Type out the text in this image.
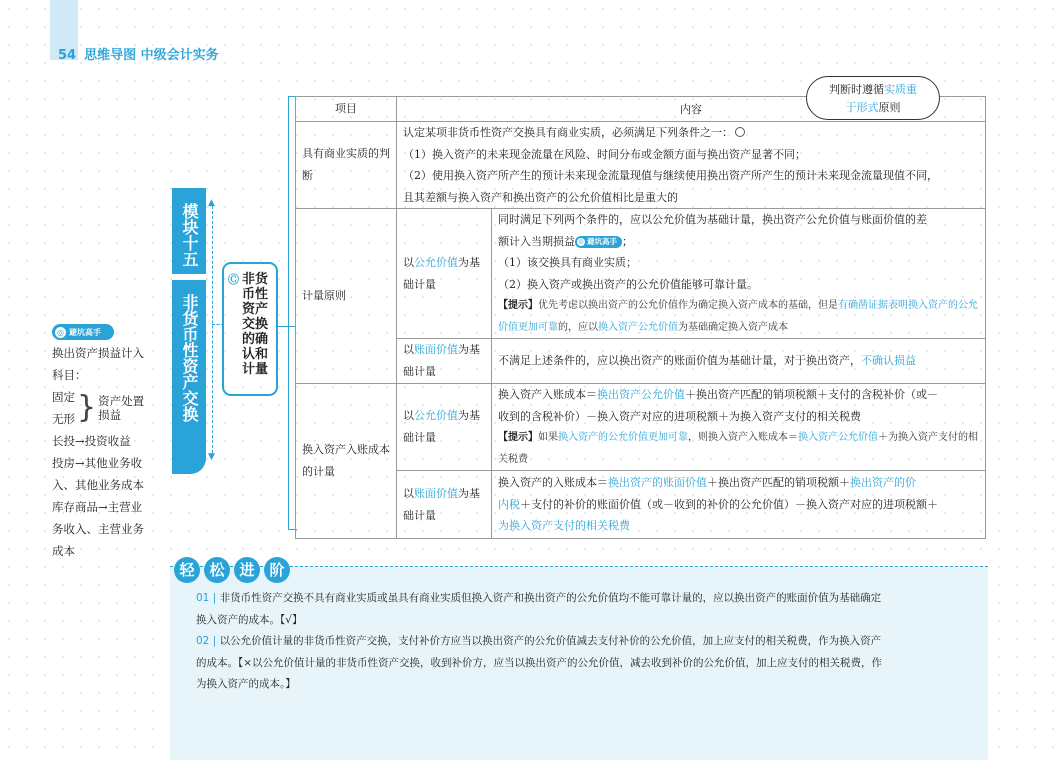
54 思维导图 中级会计实务
◎ 避坑高手
换出资产损益计入
科目：
固定
无形 } 资产处置
损益
长投→投资收益
投房→其他业务收
入、其他业务成本
库存商品→主营业
务收入、主营业务
成本
模块十五
非货币性资产交换
▲
▼
Ⓒ 非货币性资产交换的确认和计量
项目	内容	
具有商业实质的判断	认定某项非货币性资产交换具有商业实质，必须满足下列条件之一：
（1）换入资产的未来现金流量在风险、时间分布或金额方面与换出资产显著不同；
（2）使用换入资产所产生的预计未来现金流量现值与继续使用换出资产所产生的预计未来现金流量现值不同，
且其差额与换入资产和换出资产的公允价值相比是重大的	

计量原则	以公允价值为基础计量	同时满足下列两个条件的，应以公允价值为基础计量，换出资产公允价值与账面价值的差
额计入当期损益 ◎ 避坑高手 ；
（1）该交换具有商业实质；
（2）换入资产或换出资产的公允价值能够可靠计量。
【提示】优先考虑以换出资产的公允价值作为确定换入资产成本的基础，但是有确凿证据表明换入资产的公允价值更加可靠的，应以换入资产公允价值为基础确定换入资产成本

	以账面价值为基础计量	不满足上述条件的，应以换出资产的账面价值为基础计量，对于换出资产，不确认损益
换入资产入账成本的计量	以公允价值为基础计量	换入资产入账成本＝换出资产公允价值＋换出资产匹配的销项税额＋支付的含税补价（或－
收到的含税补价）－换入资产对应的进项税额＋为换入资产支付的相关税费
【提示】如果换入资产的公允价值更加可靠，则换入资产入账成本＝换入资产公允价值＋为换入资产支付的相关税费

	以账面价值为基础计量	换入资产的入账成本＝换出资产的账面价值＋换出资产匹配的销项税额＋换出资产的价
内税＋支付的补价的账面价值（或－收到的补价的公允价值）－换入资产对应的进项税额＋
为换入资产支付的相关税费
判断时遵循实质重
于形式原则
轻 松 进 阶
01 | 非货币性资产交换不具有商业实质或虽具有商业实质但换入资产和换出资产的公允价值均不能可靠计量的，应以换出资产的账面价值为基础确定
换入资产的成本。【√】
02 | 以公允价值计量的非货币性资产交换，支付补价方应当以换出资产的公允价值减去支付补价的公允价值，加上应支付的相关税费，作为换入资产
的成本。【×以公允价值计量的非货币性资产交换，收到补价方，应当以换出资产的公允价值，减去收到补价的公允价值，加上应支付的相关税费，作
为换入资产的成本。】
